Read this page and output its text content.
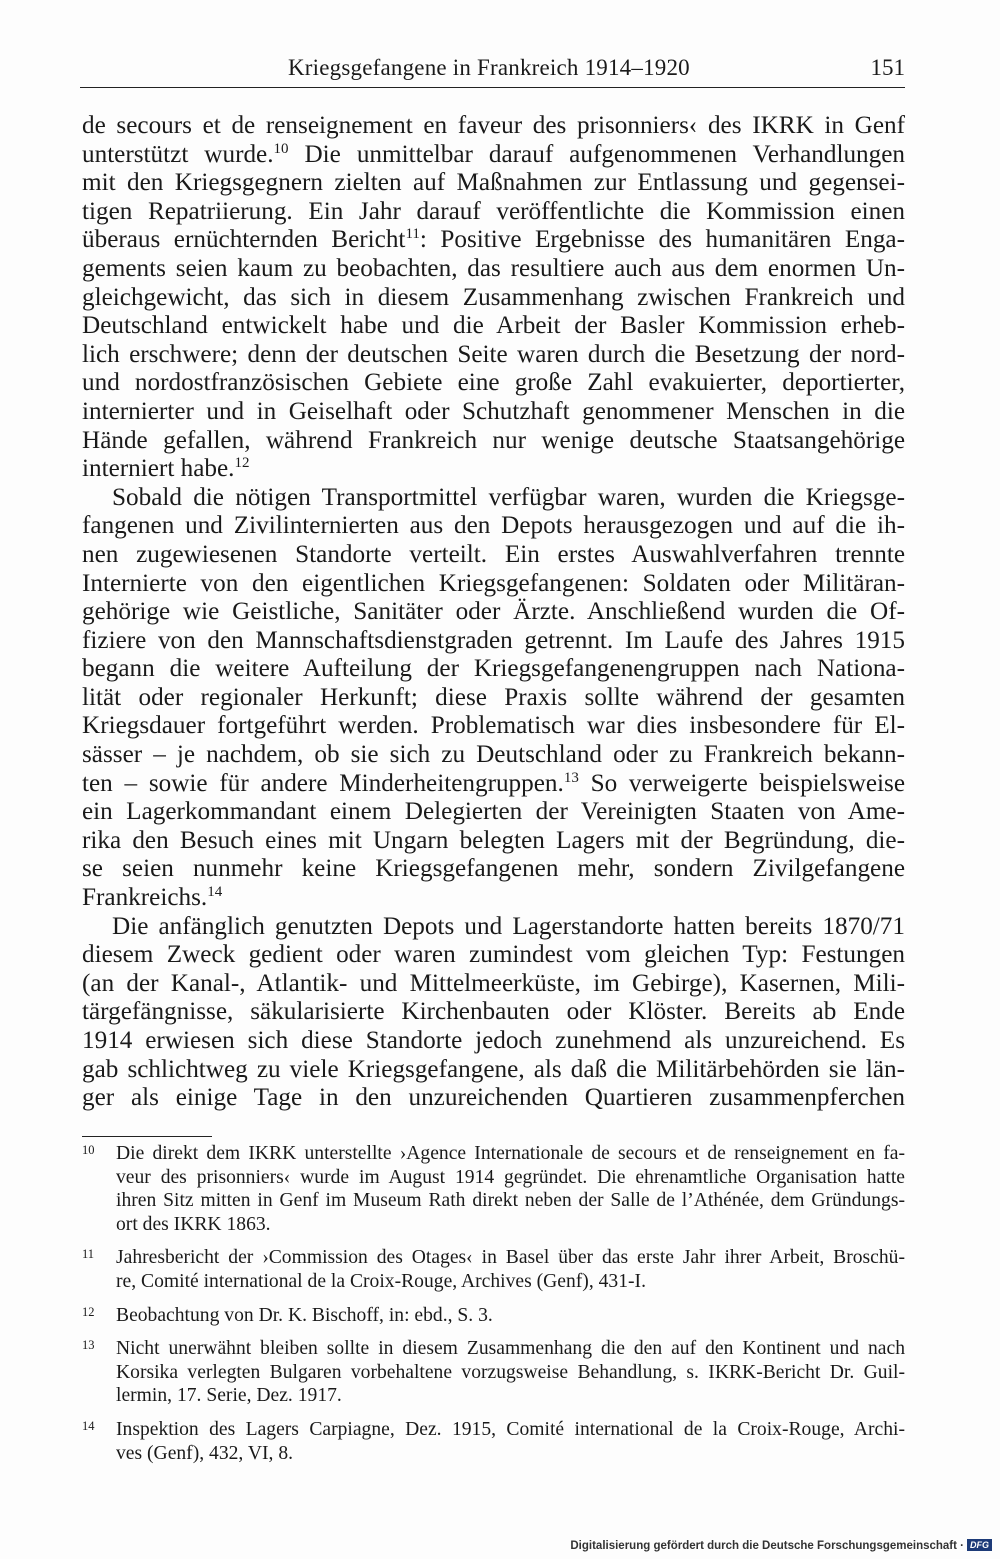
Kriegsgefangene in Frankreich 1914–1920	151

de secours et de renseignement en faveur des prisonniers‹ des IKRK in Genf
unterstützt wurde.$^{10}$ Die unmittelbar darauf aufgenommenen Verhandlungen
mit den Kriegsgegnern zielten auf Maßnahmen zur Entlassung und gegensei-
tigen Repatriierung. Ein Jahr darauf veröffentlichte die Kommission einen
überaus ernüchternden Bericht$^{11}$: Positive Ergebnisse des humanitären Enga-
gements seien kaum zu beobachten, das resultiere auch aus dem enormen Un-
gleichgewicht, das sich in diesem Zusammenhang zwischen Frankreich und
Deutschland entwickelt habe und die Arbeit der Basler Kommission erheb-
lich erschwere; denn der deutschen Seite waren durch die Besetzung der nord-
und nordostfranzösischen Gebiete eine große Zahl evakuierter, deportierter,
internierter und in Geiselhaft oder Schutzhaft genommener Menschen in die
Hände gefallen, während Frankreich nur wenige deutsche Staatsangehörige
interniert habe.$^{12}$

Sobald die nötigen Transportmittel verfügbar waren, wurden die Kriegsge-
fangenen und Zivilinternierten aus den Depots herausgezogen und auf die ih-
nen zugewiesenen Standorte verteilt. Ein erstes Auswahlverfahren trennte
Internierte von den eigentlichen Kriegsgefangenen: Soldaten oder Militäran-
gehörige wie Geistliche, Sanitäter oder Ärzte. Anschließend wurden die Of-
fiziere von den Mannschaftsdienstgraden getrennt. Im Laufe des Jahres 1915
begann die weitere Aufteilung der Kriegsgefangenengruppen nach Nationa-
lität oder regionaler Herkunft; diese Praxis sollte während der gesamten
Kriegsdauer fortgeführt werden. Problematisch war dies insbesondere für El-
sässer – je nachdem, ob sie sich zu Deutschland oder zu Frankreich bekann-
ten – sowie für andere Minderheitengruppen.$^{13}$ So verweigerte beispielsweise
ein Lagerkommandant einem Delegierten der Vereinigten Staaten von Ame-
rika den Besuch eines mit Ungarn belegten Lagers mit der Begründung, die-
se seien nunmehr keine Kriegsgefangenen mehr, sondern Zivilgefangene
Frankreichs.$^{14}$

Die anfänglich genutzten Depots und Lagerstandorte hatten bereits 1870/71
diesem Zweck gedient oder waren zumindest vom gleichen Typ: Festungen
(an der Kanal-, Atlantik- und Mittelmeerküste, im Gebirge), Kasernen, Mili-
tärgefängnisse, säkularisierte Kirchenbauten oder Klöster. Bereits ab Ende
1914 erwiesen sich diese Standorte jedoch zunehmend als unzureichend. Es
gab schlichtweg zu viele Kriegsgefangene, als daß die Militärbehörden sie län-
ger als einige Tage in den unzureichenden Quartieren zusammenpferchen

10 Die direkt dem IKRK unterstellte ›Agence Internationale de secours et de renseignement en fa-
veur des prisonniers‹ wurde im August 1914 gegründet. Die ehrenamtliche Organisation hatte
ihren Sitz mitten in Genf im Museum Rath direkt neben der Salle de l’Athénée, dem Gründungs-
ort des IKRK 1863.
11 Jahresbericht der ›Commission des Otages‹ in Basel über das erste Jahr ihrer Arbeit, Broschü-
re, Comité international de la Croix-Rouge, Archives (Genf), 431-I.
12 Beobachtung von Dr. K. Bischoff, in: ebd., S. 3.
13 Nicht unerwähnt bleiben sollte in diesem Zusammenhang die den auf den Kontinent und nach
Korsika verlegten Bulgaren vorbehaltene vorzugsweise Behandlung, s. IKRK-Bericht Dr. Guil-
lermin, 17. Serie, Dez. 1917.
14 Inspektion des Lagers Carpiagne, Dez. 1915, Comité international de la Croix-Rouge, Archi-
ves (Genf), 432, VI, 8.
Digitalisierung gefördert durch die Deutsche Forschungsgemeinschaft · DFG
